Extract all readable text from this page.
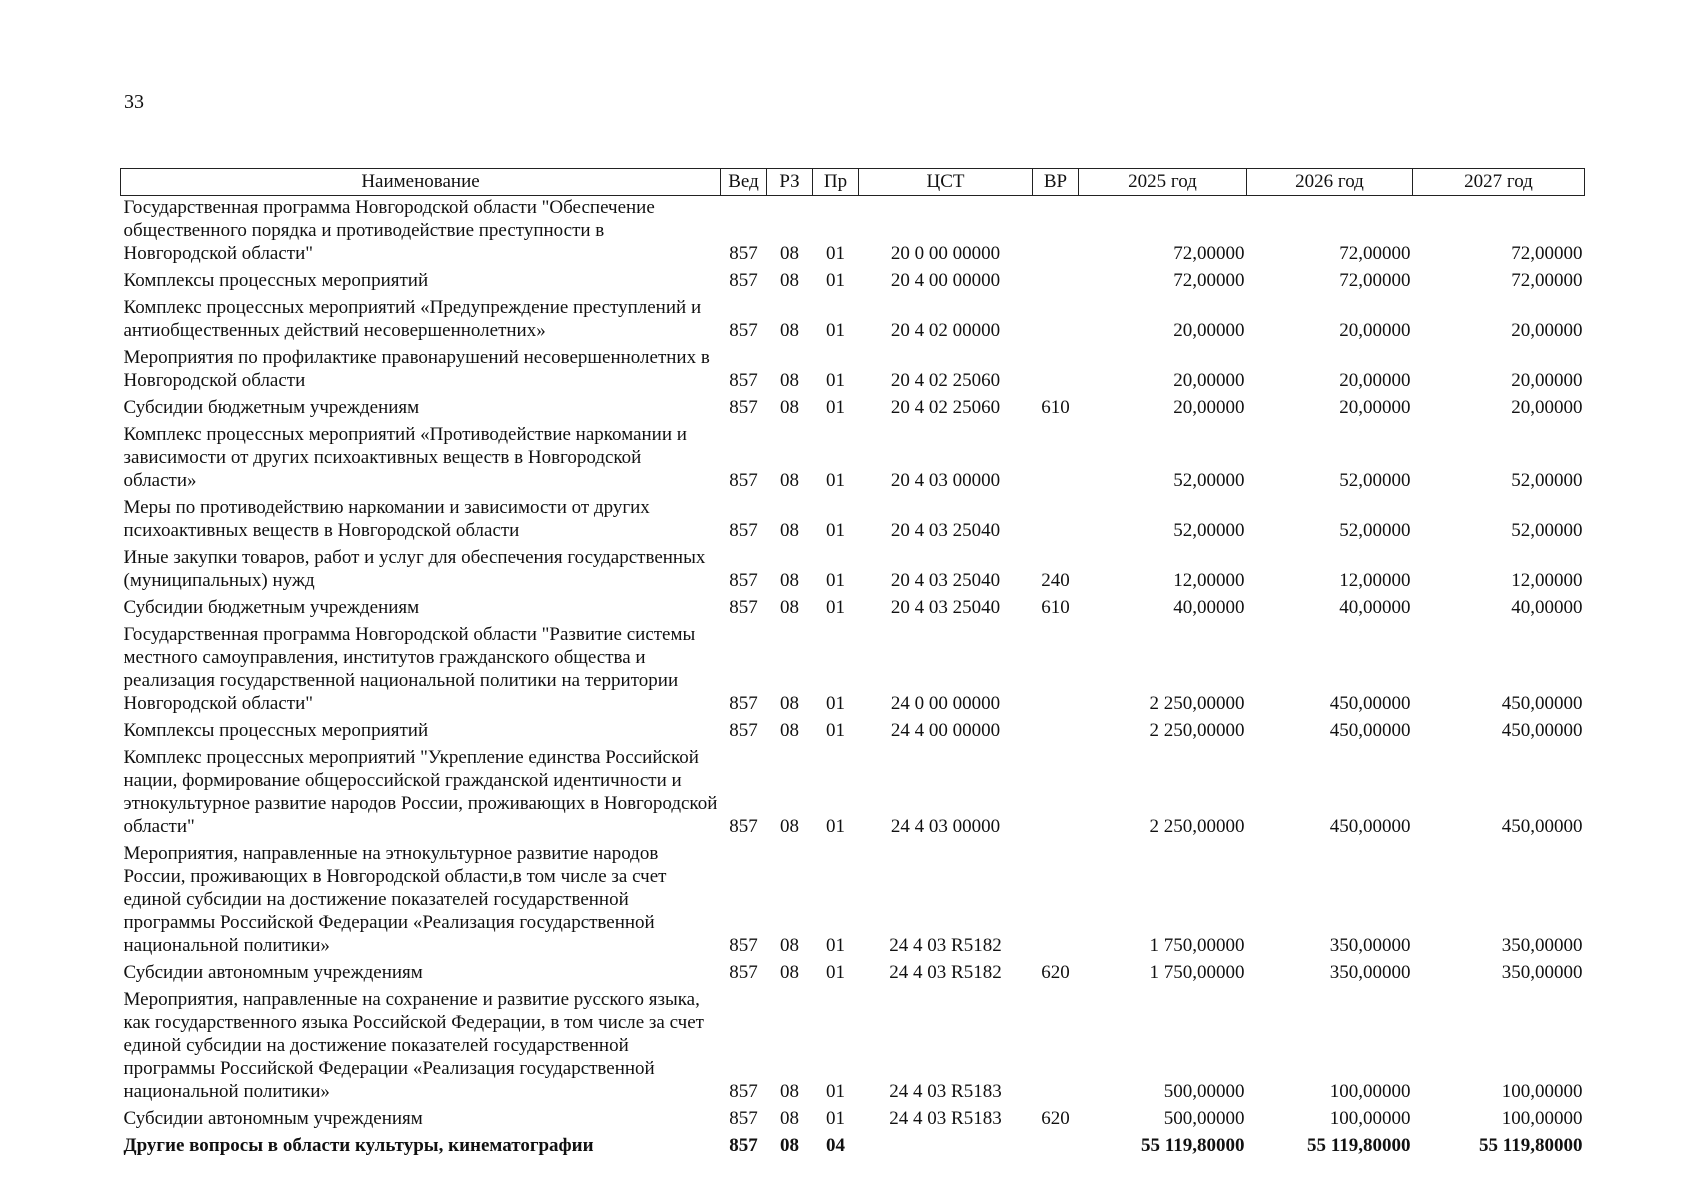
33
Наименование	Вед	РЗ	Пр	ЦСТ	ВР	2025 год	2026 год	2027 год
Государственная программа Новгородской области "Обеспечение общественного порядка и противодействие преступности в Новгородской области"	857	08	01	20 0 00 00000		72,00000	72,00000	72,00000
Комплексы процессных мероприятий	857	08	01	20 4 00 00000		72,00000	72,00000	72,00000
Комплекс процессных мероприятий «Предупреждение преступлений и антиобщественных действий несовершеннолетних»	857	08	01	20 4 02 00000		20,00000	20,00000	20,00000
Мероприятия по профилактике правонарушений несовершеннолетних в Новгородской области	857	08	01	20 4 02 25060		20,00000	20,00000	20,00000
Субсидии бюджетным учреждениям	857	08	01	20 4 02 25060	610	20,00000	20,00000	20,00000
Комплекс процессных мероприятий «Противодействие наркомании и зависимости от других психоактивных веществ в Новгородской области»	857	08	01	20 4 03 00000		52,00000	52,00000	52,00000
Меры по противодействию наркомании и зависимости от других психоактивных веществ в Новгородской области	857	08	01	20 4 03 25040		52,00000	52,00000	52,00000
Иные закупки товаров, работ и услуг для обеспечения государственных (муниципальных) нужд	857	08	01	20 4 03 25040	240	12,00000	12,00000	12,00000
Субсидии бюджетным учреждениям	857	08	01	20 4 03 25040	610	40,00000	40,00000	40,00000
Государственная программа Новгородской области "Развитие системы местного самоуправления, институтов гражданского общества и реализация государственной национальной политики на территории Новгородской области"	857	08	01	24 0 00 00000		2 250,00000	450,00000	450,00000
Комплексы процессных мероприятий	857	08	01	24 4 00 00000		2 250,00000	450,00000	450,00000
Комплекс процессных мероприятий "Укрепление единства Российской нации, формирование общероссийской гражданской идентичности и этнокультурное развитие народов России, проживающих в Новгородской области"	857	08	01	24 4 03 00000		2 250,00000	450,00000	450,00000
Мероприятия, направленные на этнокультурное развитие народов России, проживающих в Новгородской области,в том числе за счет единой субсидии на достижение показателей государственной программы Российской Федерации «Реализация государственной национальной политики»	857	08	01	24 4 03 R5182		1 750,00000	350,00000	350,00000
Субсидии автономным учреждениям	857	08	01	24 4 03 R5182	620	1 750,00000	350,00000	350,00000
Мероприятия, направленные на сохранение и развитие русского языка, как государственного языка Российской Федерации, в том числе за счет единой субсидии на достижение показателей государственной программы Российской Федерации «Реализация государственной национальной политики»	857	08	01	24 4 03 R5183		500,00000	100,00000	100,00000
Субсидии автономным учреждениям	857	08	01	24 4 03 R5183	620	500,00000	100,00000	100,00000
Другие вопросы в области культуры, кинематографии	857	08	04			55 119,80000	55 119,80000	55 119,80000
